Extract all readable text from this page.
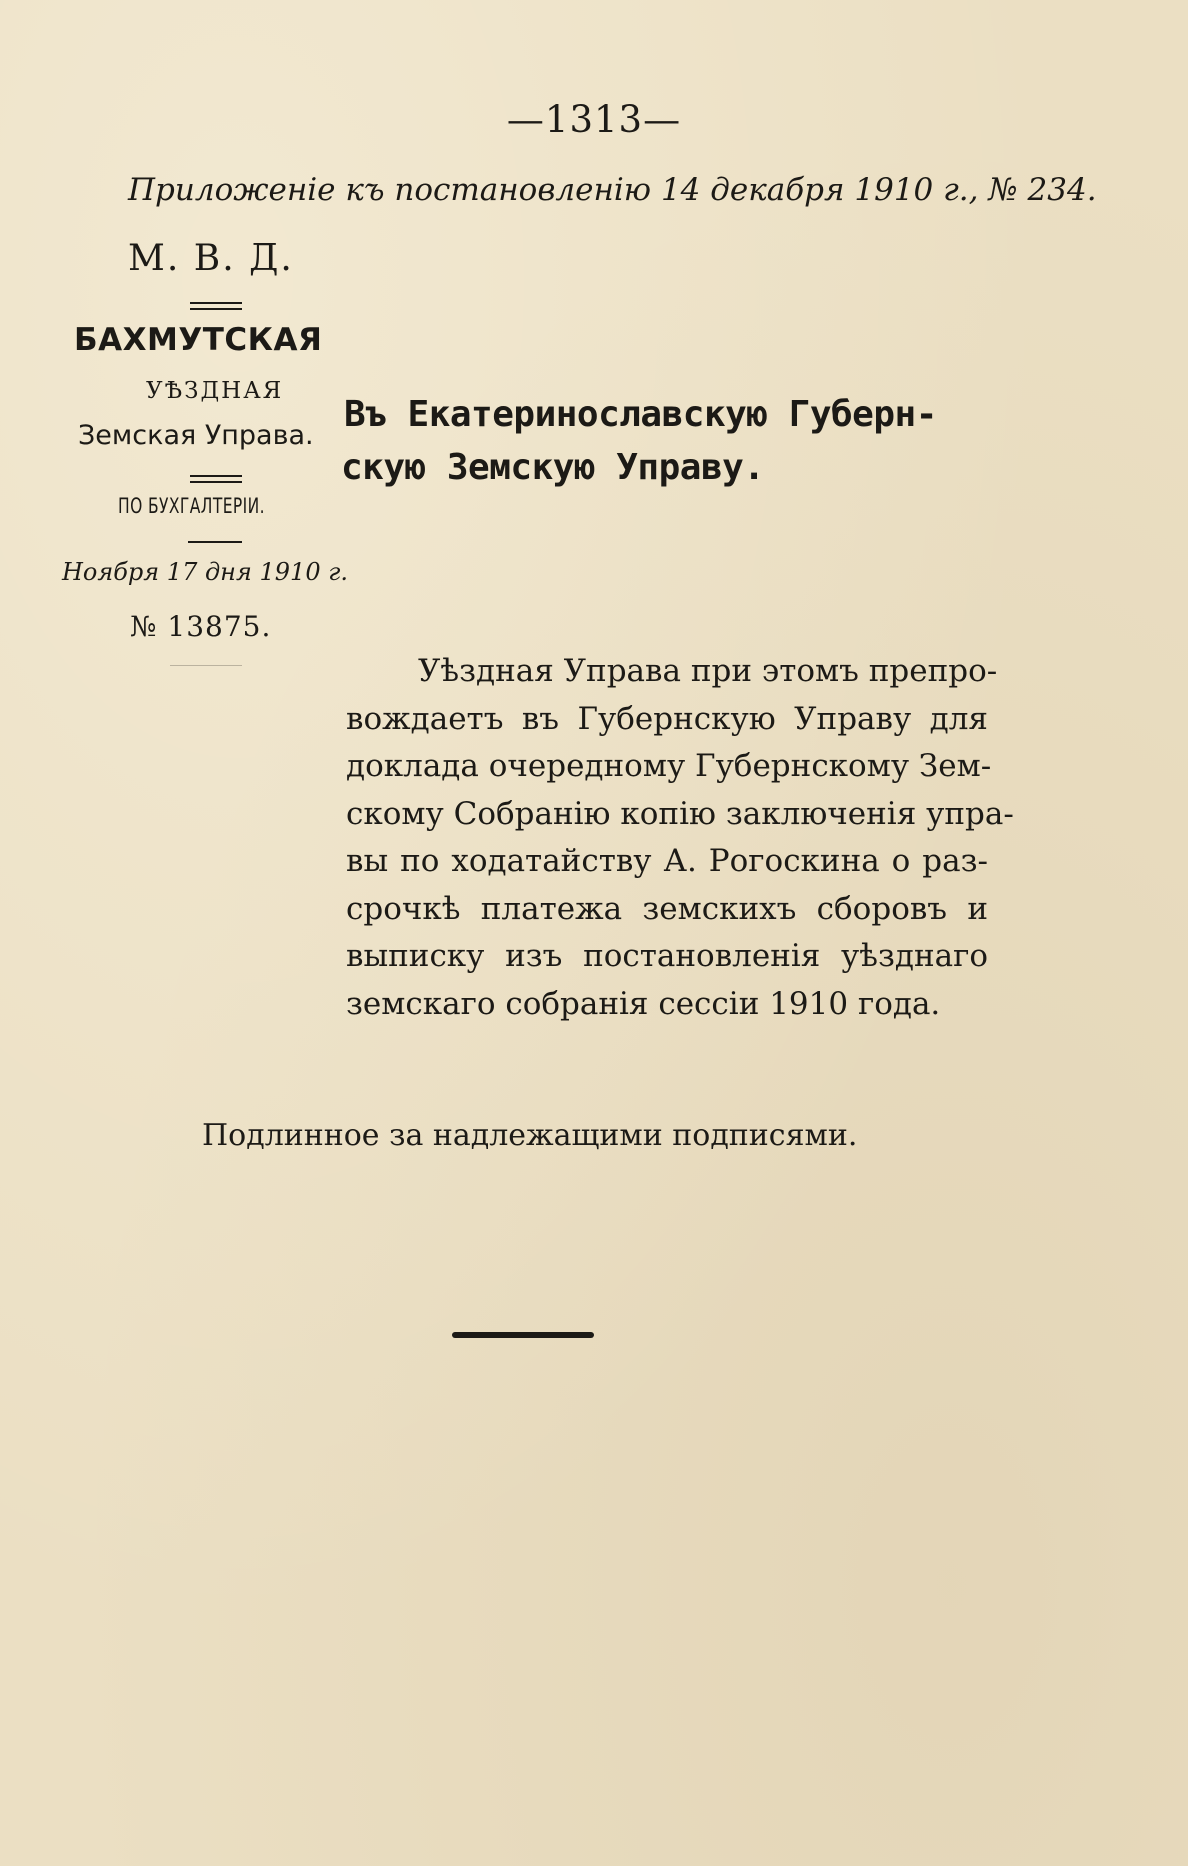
—1313—
Приложеніе къ постановленію 14 декабря 1910 г., № 234.
М. В. Д.
БАХМУТСКАЯ
УѢЗДНАЯ
Земская Управа.
ПО БУХГАЛТЕРІИ.
Ноября 17 дня 1910 г.
№ 13875.
Въ Екатеринославскую Губерн-
скую Земскую Управу.
Уѣздная Управа при этомъ препро-
вождаетъ въ Губернскую Управу для
доклада очередному Губернскому Зем-
скому Собранію копію заключенія упра-
вы по ходатайству А. Рогоскина о раз-
срочкѣ платежа земскихъ сборовъ и
выписку изъ постановленія уѣзднаго
земскаго собранія сессіи 1910 года.
Подлинное за надлежащими подписями.
